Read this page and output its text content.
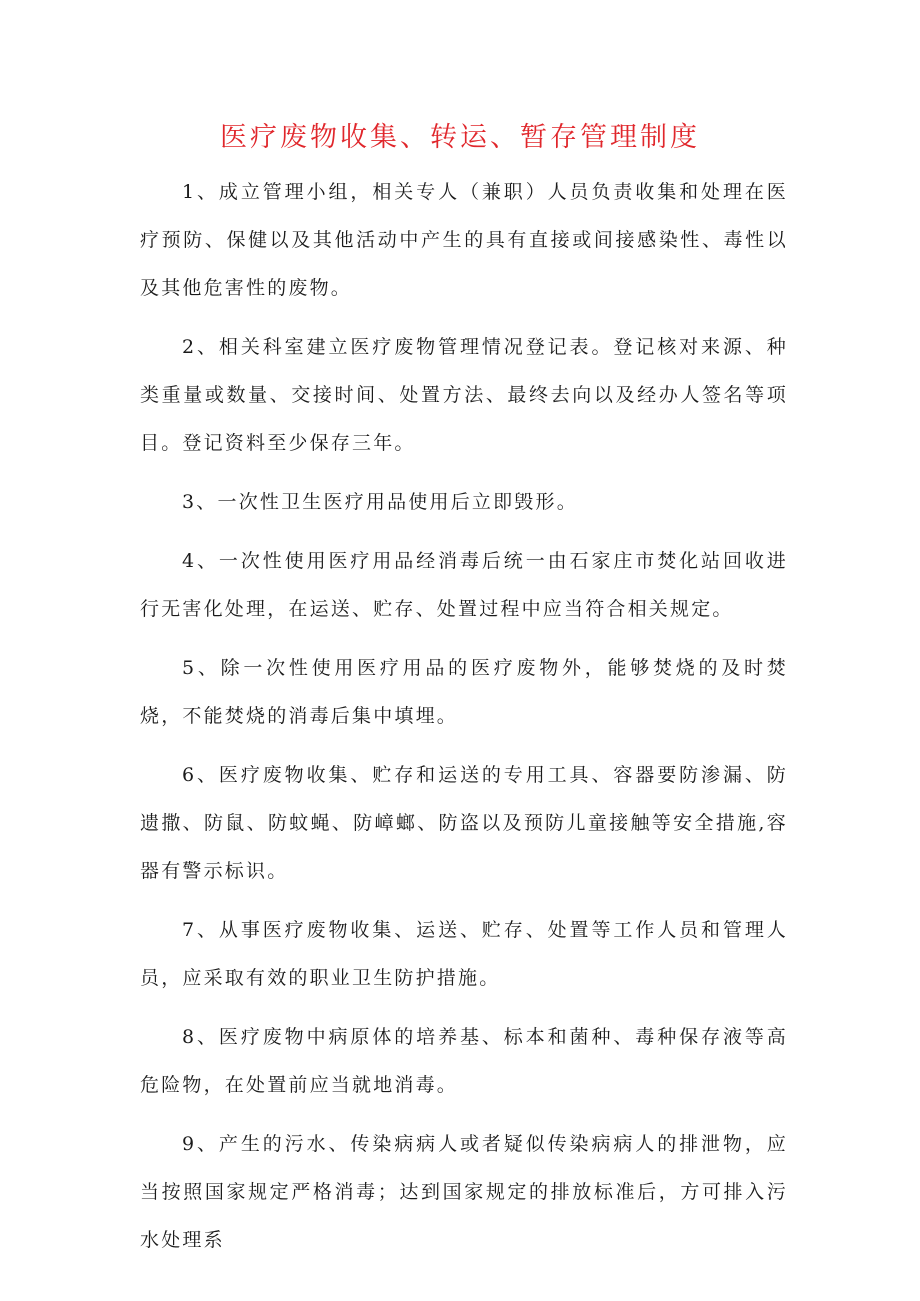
医疗废物收集、转运、暂存管理制度

1、成立管理小组，相关专人（兼职）人员负责收集和处理在医疗预防、保健以及其他活动中产生的具有直接或间接感染性、毒性以及其他危害性的废物。

2、相关科室建立医疗废物管理情况登记表。登记核对来源、种类重量或数量、交接时间、处置方法、最终去向以及经办人签名等项目。登记资料至少保存三年。

3、一次性卫生医疗用品使用后立即毁形。

4、一次性使用医疗用品经消毒后统一由石家庄市焚化站回收进行无害化处理，在运送、贮存、处置过程中应当符合相关规定。

5、除一次性使用医疗用品的医疗废物外，能够焚烧的及时焚烧，不能焚烧的消毒后集中填埋。

6、医疗废物收集、贮存和运送的专用工具、容器要防渗漏、防遗撒、防鼠、防蚊蝇、防嶂螂、防盗以及预防儿童接触等安全措施,容器有警示标识。

7、从事医疗废物收集、运送、贮存、处置等工作人员和管理人员，应采取有效的职业卫生防护措施。

8、医疗废物中病原体的培养基、标本和菌种、毒种保存液等高危险物，在处置前应当就地消毒。

9、产生的污水、传染病病人或者疑似传染病病人的排泄物，应当按照国家规定严格消毒；达到国家规定的排放标准后，方可排入污水处理系
